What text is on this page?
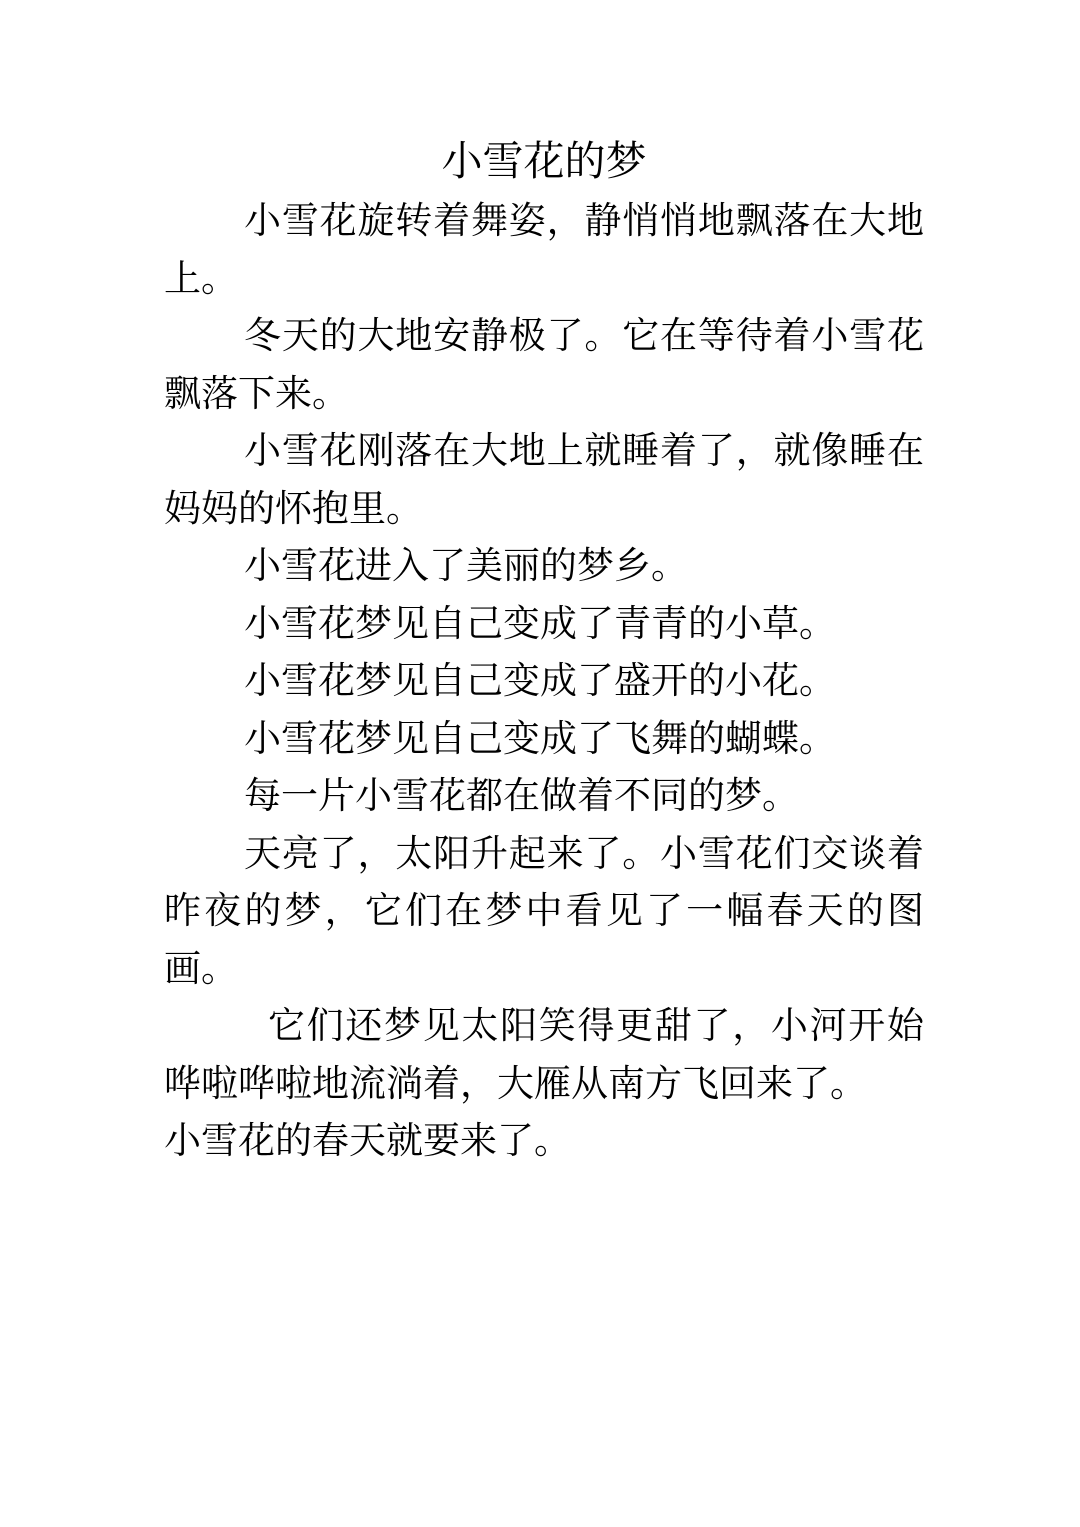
小雪花的梦

小雪花旋转着舞姿，静悄悄地飘落在大地上。

冬天的大地安静极了。它在等待着小雪花飘落下来。

小雪花刚落在大地上就睡着了，就像睡在妈妈的怀抱里。

小雪花进入了美丽的梦乡。

小雪花梦见自己变成了青青的小草。

小雪花梦见自己变成了盛开的小花。

小雪花梦见自己变成了飞舞的蝴蝶。

每一片小雪花都在做着不同的梦。

天亮了，太阳升起来了。小雪花们交谈着昨夜的梦，它们在梦中看见了一幅春天的图画。

它们还梦见太阳笑得更甜了，小河开始哗啦哗啦地流淌着，大雁从南方飞回来了。

小雪花的春天就要来了。
